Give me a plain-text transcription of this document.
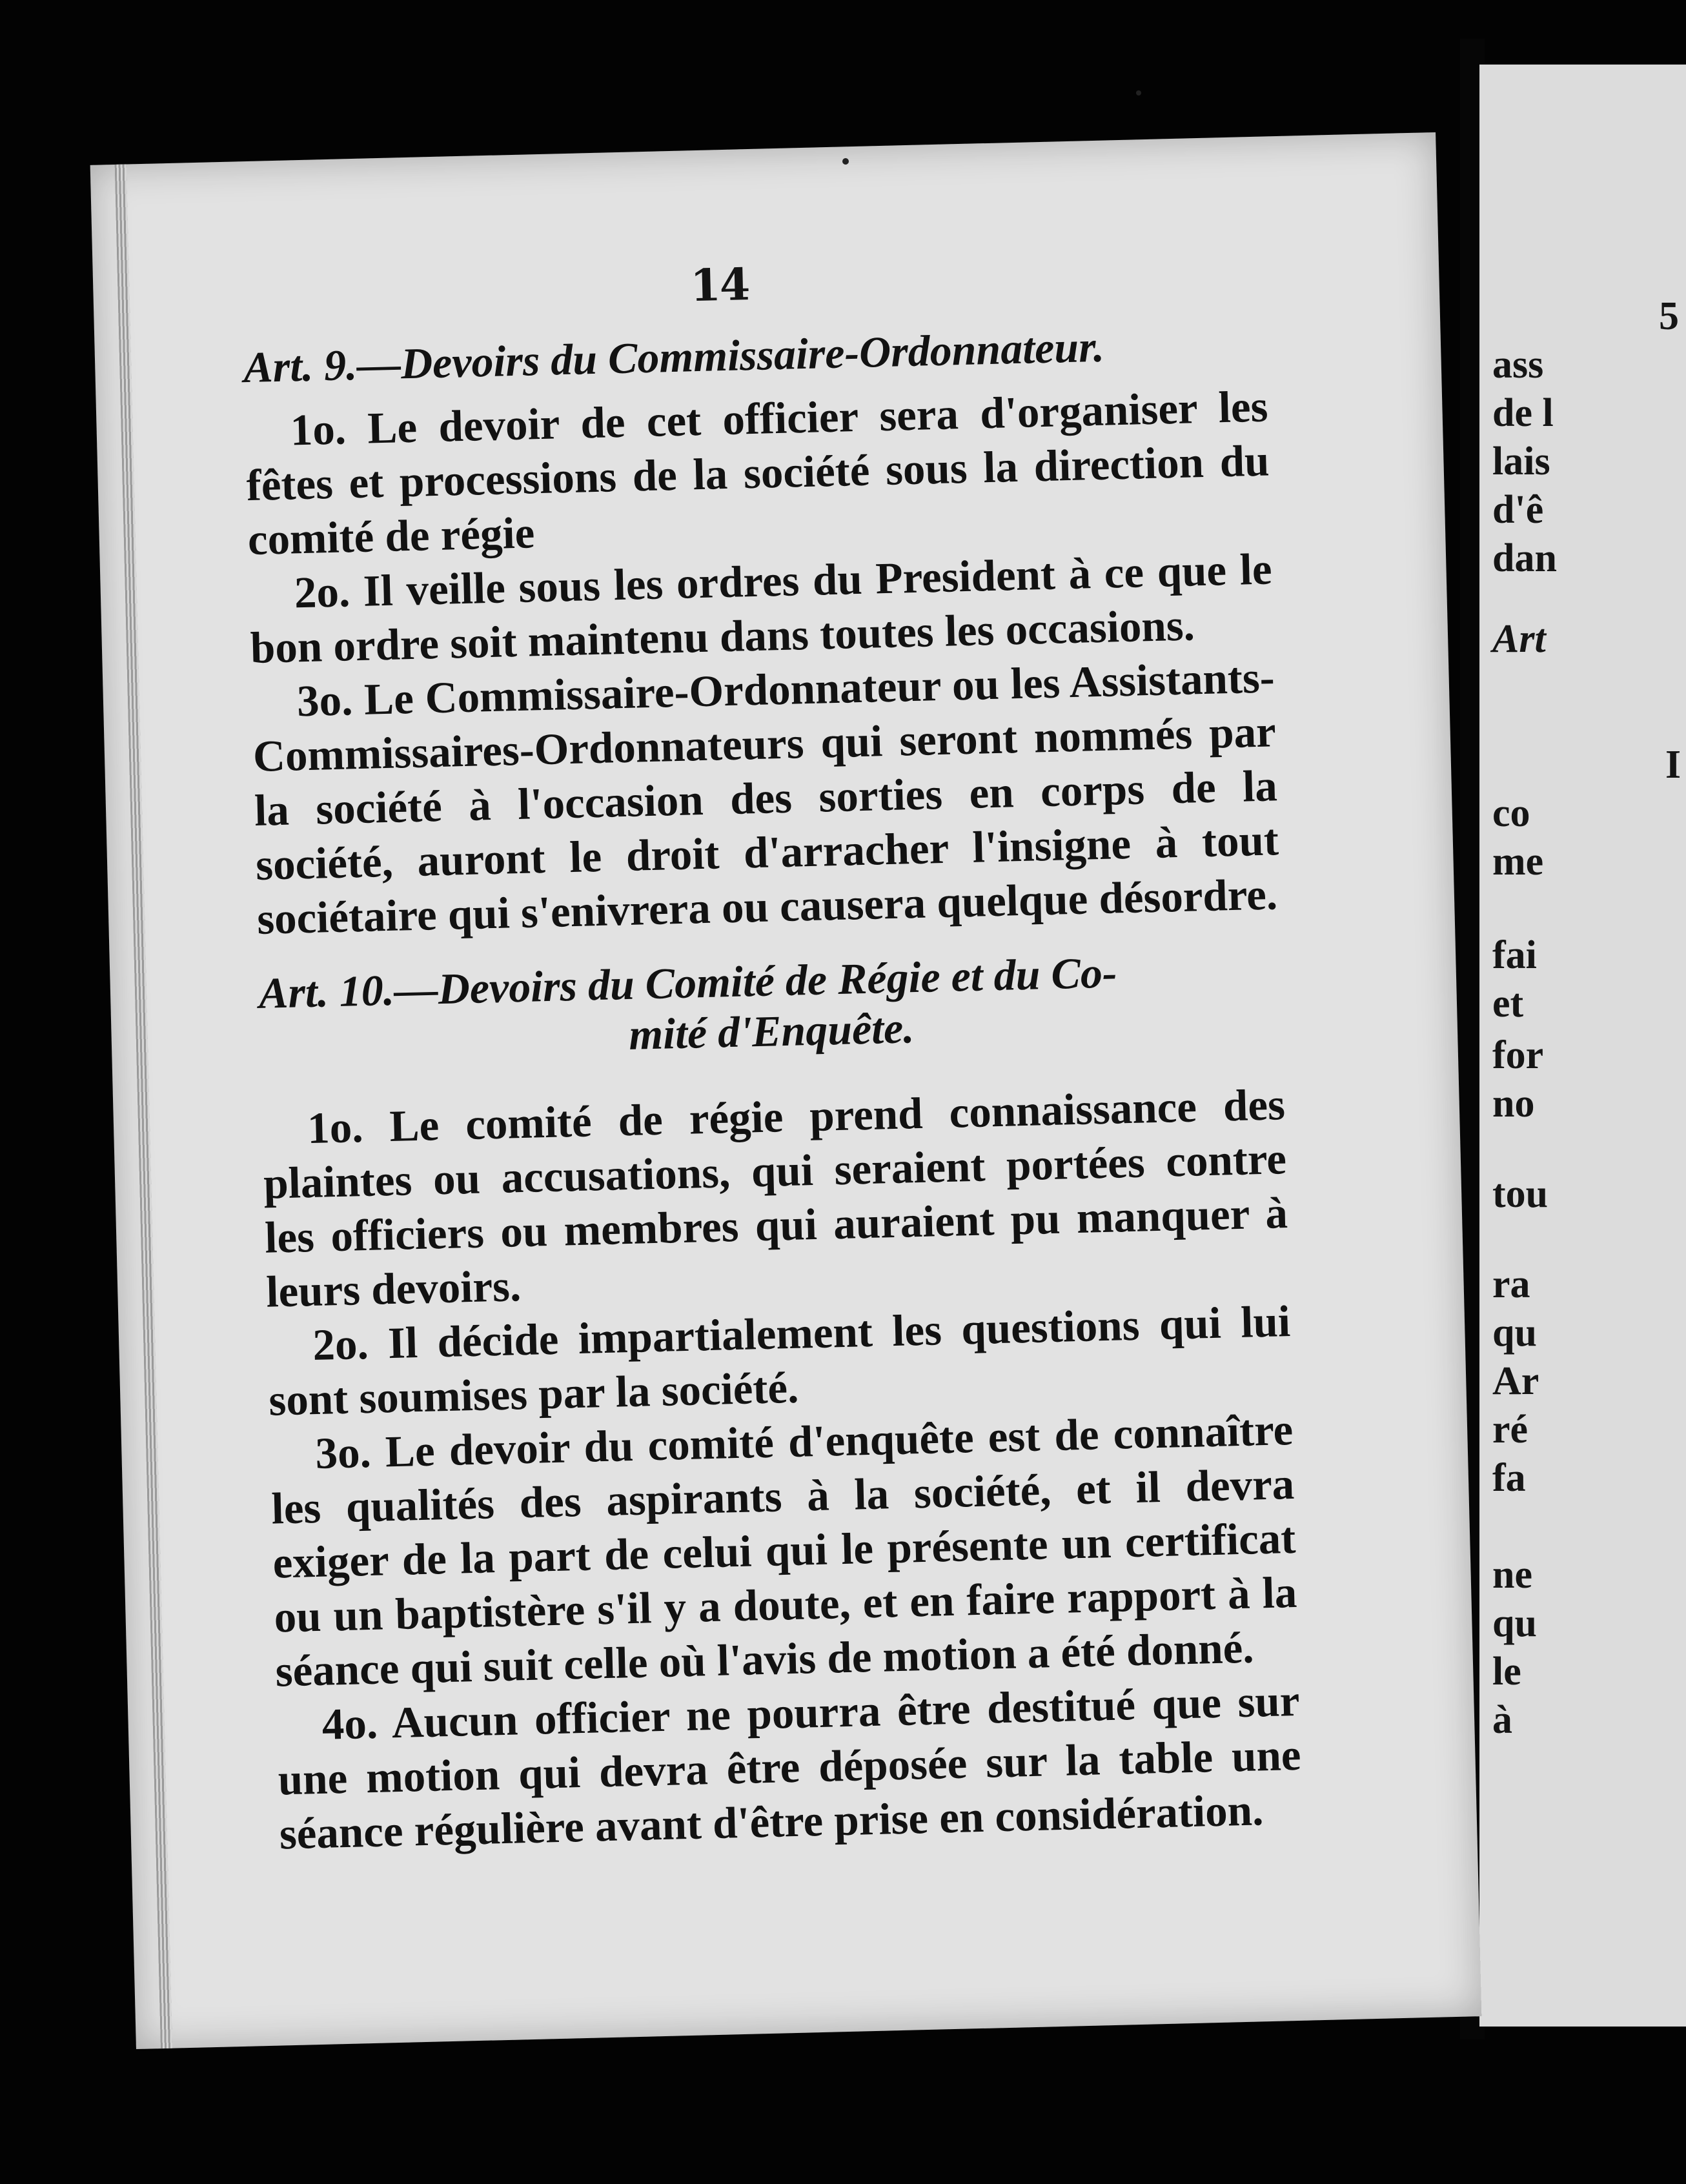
14
Art. 9.—Devoirs du Commissaire-Ordonnateur.

1o. Le devoir de cet officier sera d'organiser les fêtes et processions de la société sous la direction du comité de régie

2o. Il veille sous les ordres du President à ce que le bon ordre soit maintenu dans toutes les occasions.

3o. Le Commissaire-Ordonnateur ou les Assistants-Commissaires-Ordonnateurs qui seront nommés par la société à l'occasion des sorties en corps de la société, auront le droit d'arracher l'insigne à tout sociétaire qui s'enivrera ou causera quelque désordre.

Art. 10.—Devoirs du Comité de Régie et du Co-
mité d'Enquête.

1o. Le comité de régie prend connaissance des plaintes ou accusations, qui seraient portées contre les officiers ou membres qui auraient pu manquer à leurs devoirs.

2o. Il décide impartialement les questions qui lui sont soumises par la société.

3o. Le devoir du comité d'enquête est de connaître les qualités des aspirants à la société, et il devra exiger de la part de celui qui le présente un certificat ou un baptistère s'il y a doute, et en faire rapport à la séance qui suit celle où l'avis de motion a été donné.

4o. Aucun officier ne pourra être destitué que sur une motion qui devra être déposée sur la table une séance régulière avant d'être prise en considération.

5
ass
de l
lais
d'ê
dan
Art
I
co
me
fai
et
for
no
tou
ra
qu
Ar
ré
fa
ne
qu
le
à
